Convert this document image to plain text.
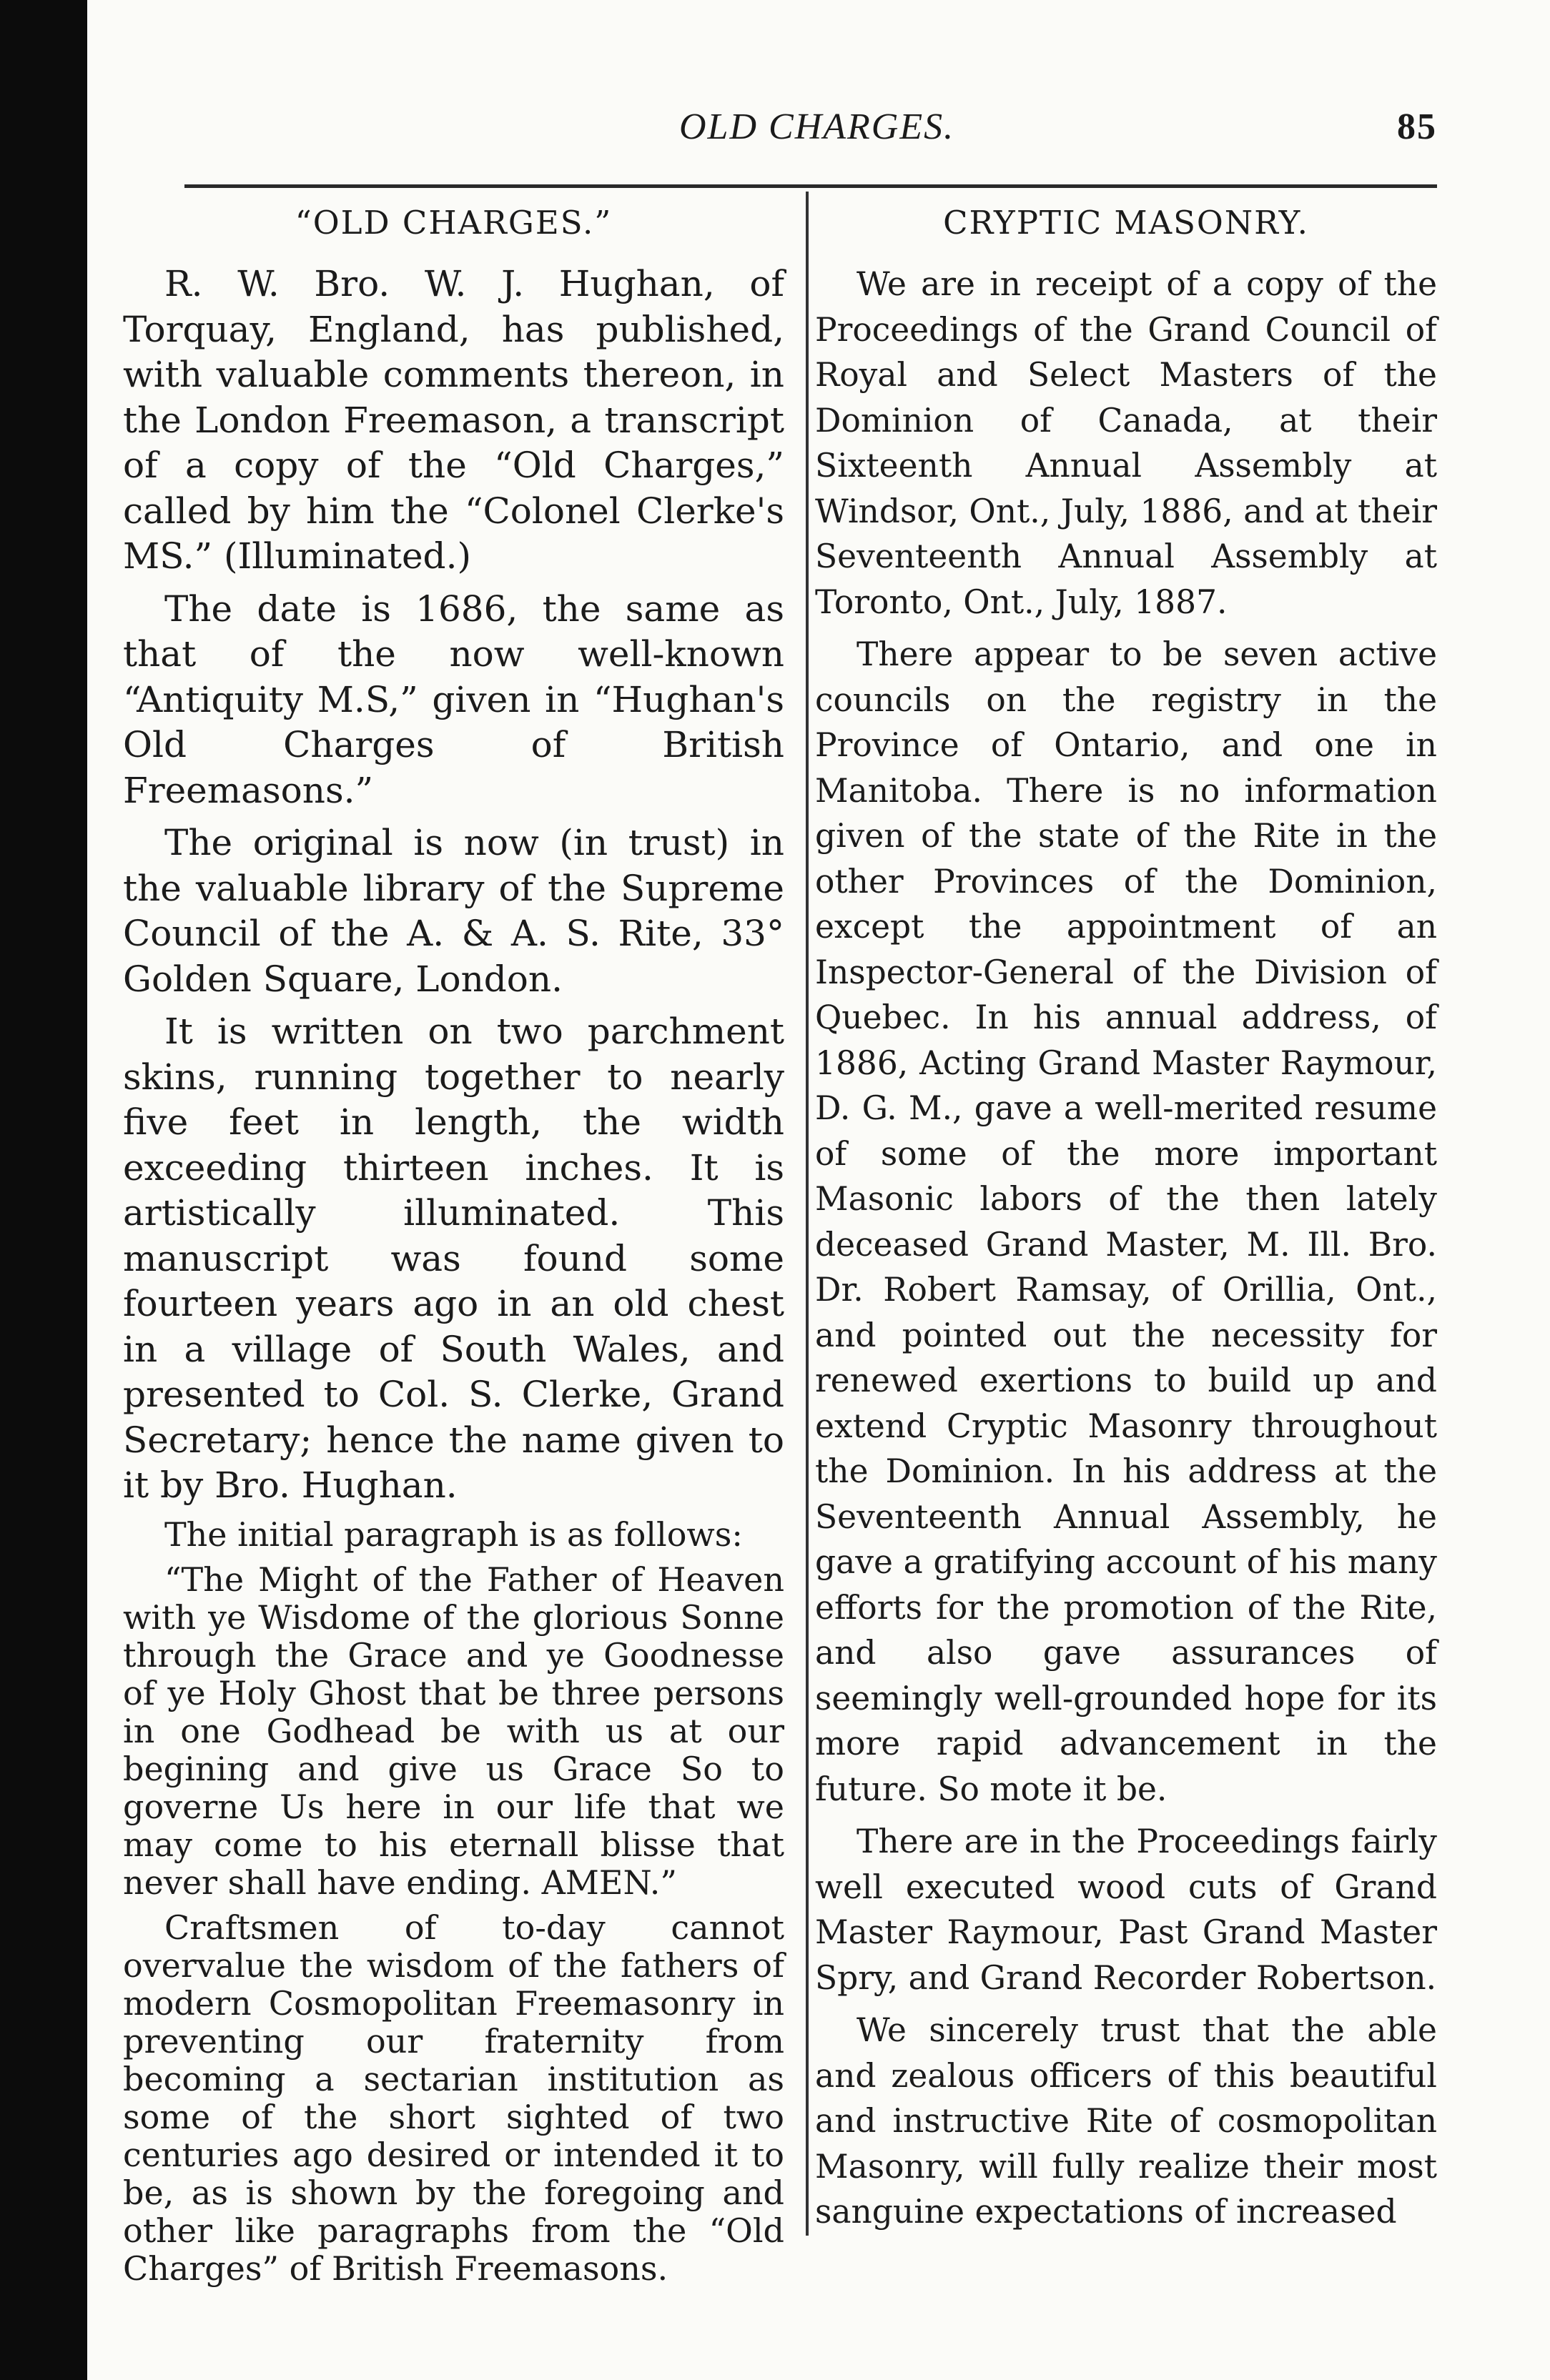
OLD CHARGES.	85
“OLD CHARGES.”

R. W. Bro. W. J. Hughan, of Torquay, England, has published, with valuable comments thereon, in the London Freemason, a transcript of a copy of the “Old Charges,” called by him the “Colonel Clerke's MS.” (Illuminated.)

The date is 1686, the same as that of the now well-known “Antiquity M.S,” given in “Hughan's Old Charges of British Freemasons.”

The original is now (in trust) in the valuable library of the Supreme Council of the A. & A. S. Rite, 33° Golden Square, London.

It is written on two parchment skins, running together to nearly five feet in length, the width exceeding thirteen inches. It is artistically illuminated. This manuscript was found some fourteen years ago in an old chest in a village of South Wales, and presented to Col. S. Clerke, Grand Secretary; hence the name given to it by Bro. Hughan.

The initial paragraph is as follows:

“The Might of the Father of Heaven with ye Wisdome of the glorious Sonne through the Grace and ye Goodnesse of ye Holy Ghost that be three persons in one Godhead be with us at our begining and give us Grace So to governe Us here in our life that we may come to his eternall blisse that never shall have ending. AMEN.”

Craftsmen of to-day cannot overvalue the wisdom of the fathers of modern Cosmopolitan Freemasonry in preventing our fraternity from becoming a sectarian institution as some of the short sighted of two centuries ago desired or intended it to be, as is shown by the foregoing and other like paragraphs from the “Old Charges” of British Freemasons.

CRYPTIC MASONRY.

We are in receipt of a copy of the Proceedings of the Grand Council of Royal and Select Masters of the Dominion of Canada, at their Sixteenth Annual Assembly at Windsor, Ont., July, 1886, and at their Seventeenth Annual Assembly at Toronto, Ont., July, 1887.

There appear to be seven active councils on the registry in the Province of Ontario, and one in Manitoba. There is no information given of the state of the Rite in the other Provinces of the Dominion, except the appointment of an Inspector-General of the Division of Quebec. In his annual address, of 1886, Acting Grand Master Raymour, D. G. M., gave a well-merited resume of some of the more important Masonic labors of the then lately deceased Grand Master, M. Ill. Bro. Dr. Robert Ramsay, of Orillia, Ont., and pointed out the necessity for renewed exertions to build up and extend Cryptic Masonry throughout the Dominion. In his address at the Seventeenth Annual Assembly, he gave a gratifying account of his many efforts for the promotion of the Rite, and also gave assurances of seemingly well-grounded hope for its more rapid advancement in the future. So mote it be.

There are in the Proceedings fairly well executed wood cuts of Grand Master Raymour, Past Grand Master Spry, and Grand Recorder Robertson.

We sincerely trust that the able and zealous officers of this beautiful and instructive Rite of cosmopolitan Masonry, will fully realize their most sanguine expectations of increased
